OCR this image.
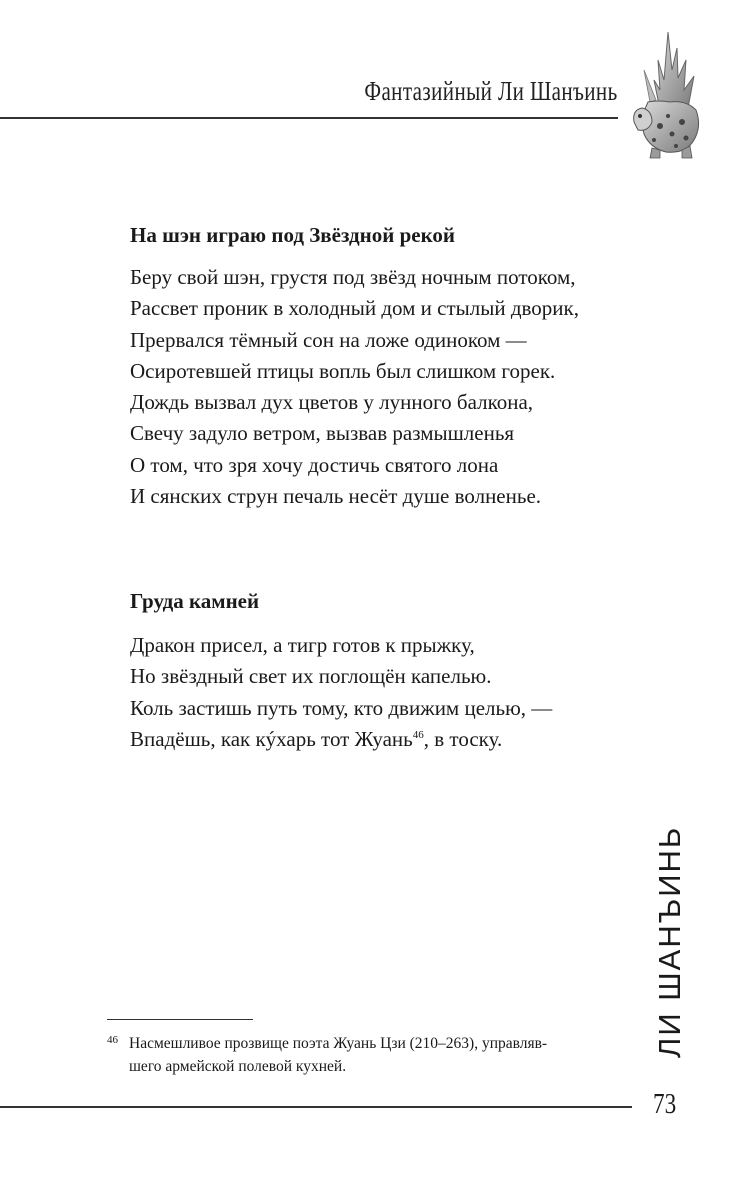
Фантазийный Ли Шанъинь
На шэн играю под Звёздной рекой
Беру свой шэн, грустя под звёзд ночным потоком,
Рассвет проник в холодный дом и стылый дворик,
Прервался тёмный сон на ложе одиноком —
Осиротевшей птицы вопль был слишком горек.
Дождь вызвал дух цветов у лунного балкона,
Свечу задуло ветром, вызвав размышленья
О том, что зря хочу достичь святого лона
И сянских струн печаль несёт душе волненье.
Груда камней
Дракон присел, а тигр готов к прыжку,
Но звёздный свет их поглощён капелью.
Коль застишь путь тому, кто движим целью, —
Впадёшь, как кýхарь тот Жуань$^{46}$, в тоску.
46 Насмешливое прозвище поэта Жуань Цзи (210–263), управляв-
шего армейской полевой кухней.
ЛИ ШАНЪИНЬ
73
